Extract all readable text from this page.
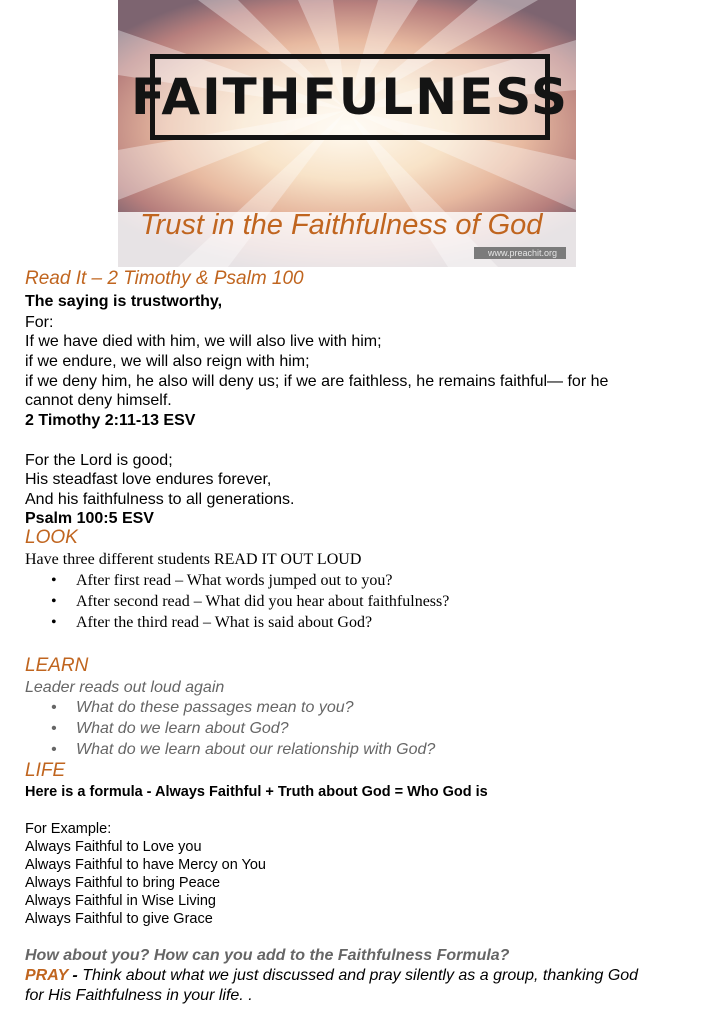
FAITHFULNESS
Trust in the Faithfulness of God
www.preachit.org
Read It – 2 Timothy & Psalm 100
The saying is trustworthy,
For:
If we have died with him, we will also live with him;
if we endure, we will also reign with him;
if we deny him, he also will deny us; if we are faithless, he remains faithful— for he
cannot deny himself.
2 Timothy 2:11-13 ESV
For the Lord is good;
His steadfast love endures forever,
And his faithfulness to all generations.
Psalm 100:5 ESV
LOOK
Have three different students READ IT OUT LOUD
• After first read – What words jumped out to you?
• After second read – What did you hear about faithfulness?
• After the third read – What is said about God?
LEARN
Leader reads out loud again
• What do these passages mean to you?
• What do we learn about God?
• What do we learn about our relationship with God?
LIFE
Here is a formula - Always Faithful + Truth about God = Who God is
For Example:
Always Faithful to Love you
Always Faithful to have Mercy on You
Always Faithful to bring Peace
Always Faithful in Wise Living
Always Faithful to give Grace
How about you? How can you add to the Faithfulness Formula?
PRAY - Think about what we just discussed and pray silently as a group, thanking God
for His Faithfulness in your life. .
